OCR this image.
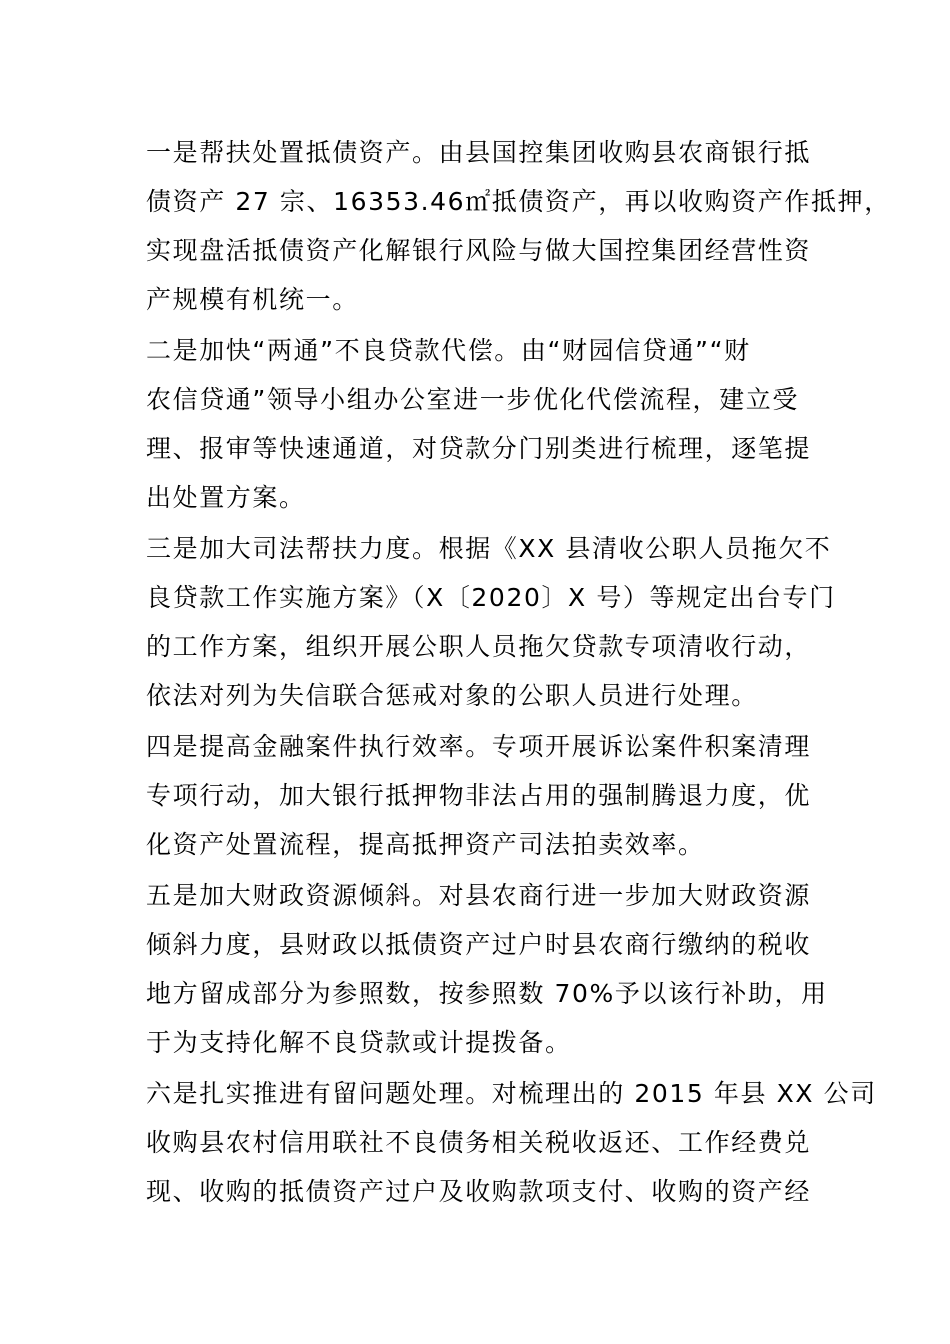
一是帮扶处置抵债资产。由县国控集团收购县农商银行抵
债资产 27 宗、16353.46㎡抵债资产，再以收购资产作抵押，
实现盘活抵债资产化解银行风险与做大国控集团经营性资
产规模有机统一。

二是加快“两通”不良贷款代偿。由“财园信贷通”“财
农信贷通”领导小组办公室进一步优化代偿流程，建立受
理、报审等快速通道，对贷款分门别类进行梳理，逐笔提
出处置方案。

三是加大司法帮扶力度。根据《XX 县清收公职人员拖欠不
良贷款工作实施方案》（X〔2020〕X 号）等规定出台专门
的工作方案，组织开展公职人员拖欠贷款专项清收行动，
依法对列为失信联合惩戒对象的公职人员进行处理。

四是提高金融案件执行效率。专项开展诉讼案件积案清理
专项行动，加大银行抵押物非法占用的强制腾退力度，优
化资产处置流程，提高抵押资产司法拍卖效率。

五是加大财政资源倾斜。对县农商行进一步加大财政资源
倾斜力度，县财政以抵债资产过户时县农商行缴纳的税收
地方留成部分为参照数，按参照数 70%予以该行补助，用
于为支持化解不良贷款或计提拨备。

六是扎实推进有留问题处理。对梳理出的 2015 年县 XX 公司
收购县农村信用联社不良债务相关税收返还、工作经费兑
现、收购的抵债资产过户及收购款项支付、收购的资产经
